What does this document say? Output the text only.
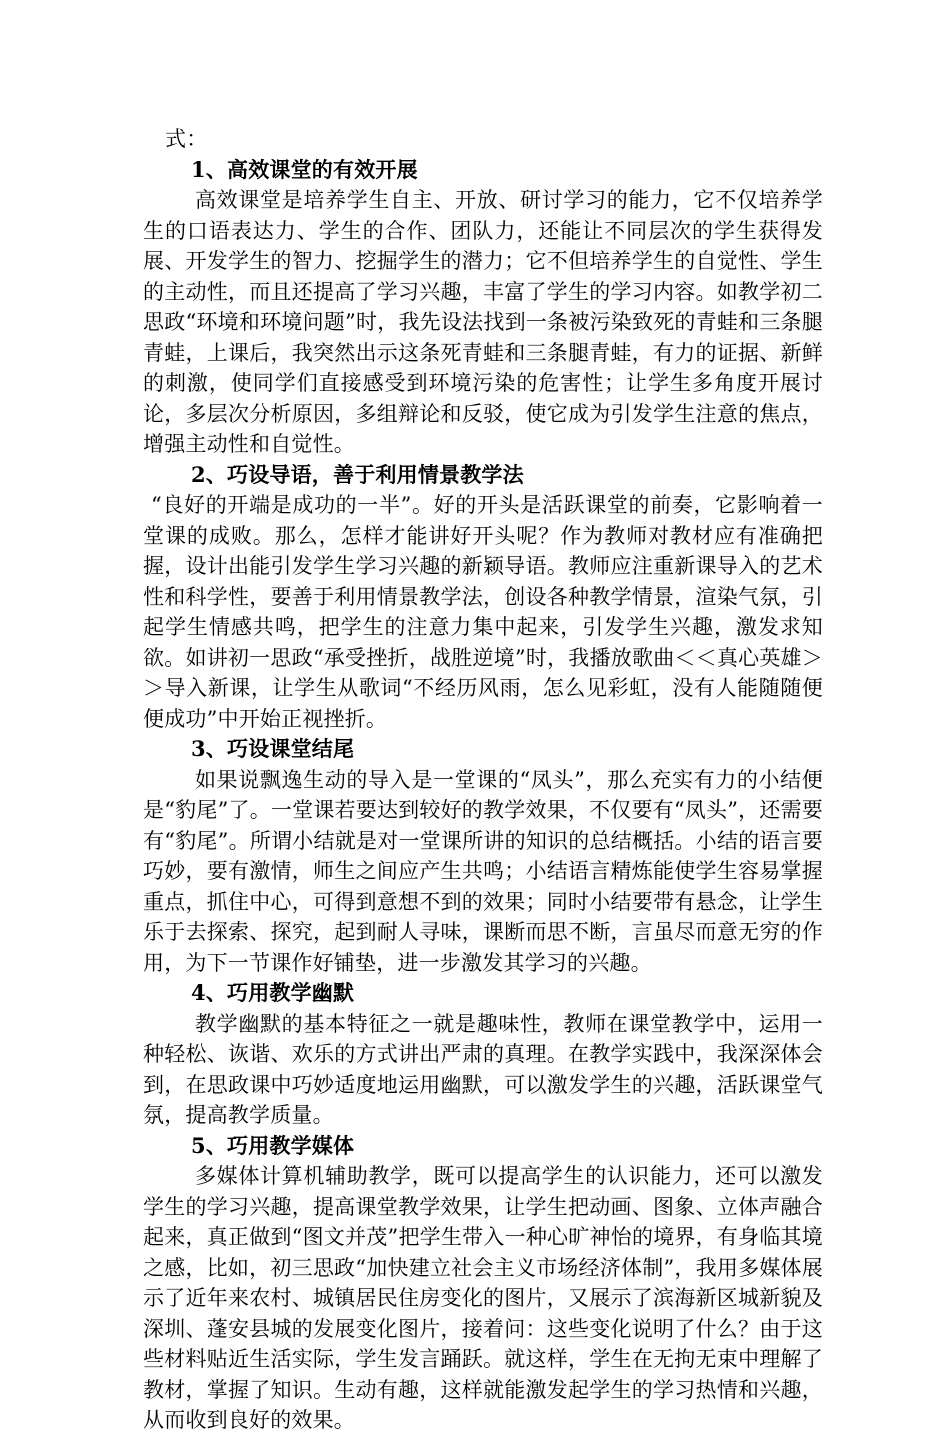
式：

1、高效课堂的有效开展

高效课堂是培养学生自主、开放、研讨学习的能力，它不仅培养学生的口语表达力、学生的合作、团队力，还能让不同层次的学生获得发展、开发学生的智力、挖掘学生的潜力；它不但培养学生的自觉性、学生的主动性，而且还提高了学习兴趣，丰富了学生的学习内容。如教学初二思政“环境和环境问题”时，我先设法找到一条被污染致死的青蛙和三条腿青蛙，上课后，我突然出示这条死青蛙和三条腿青蛙，有力的证据、新鲜的刺激，使同学们直接感受到环境污染的危害性；让学生多角度开展讨论，多层次分析原因，多组辩论和反驳，使它成为引发学生注意的焦点，增强主动性和自觉性。

2、巧设导语，善于利用情景教学法

“良好的开端是成功的一半”。好的开头是活跃课堂的前奏，它影响着一堂课的成败。那么，怎样才能讲好开头呢？作为教师对教材应有准确把握，设计出能引发学生学习兴趣的新颖导语。教师应注重新课导入的艺术性和科学性，要善于利用情景教学法，创设各种教学情景，渲染气氛，引起学生情感共鸣，把学生的注意力集中起来，引发学生兴趣，激发求知欲。如讲初一思政“承受挫折，战胜逆境”时，我播放歌曲＜＜真心英雄＞＞导入新课，让学生从歌词“不经历风雨，怎么见彩虹，没有人能随随便便成功”中开始正视挫折。

3、巧设课堂结尾

如果说飘逸生动的导入是一堂课的“凤头”，那么充实有力的小结便是“豹尾”了。一堂课若要达到较好的教学效果，不仅要有“凤头”，还需要有“豹尾”。所谓小结就是对一堂课所讲的知识的总结概括。小结的语言要巧妙，要有激情，师生之间应产生共鸣；小结语言精炼能使学生容易掌握重点，抓住中心，可得到意想不到的效果；同时小结要带有悬念，让学生乐于去探索、探究，起到耐人寻味，课断而思不断，言虽尽而意无穷的作用，为下一节课作好铺垫，进一步激发其学习的兴趣。

4、巧用教学幽默

教学幽默的基本特征之一就是趣味性，教师在课堂教学中，运用一种轻松、诙谐、欢乐的方式讲出严肃的真理。在教学实践中，我深深体会到，在思政课中巧妙适度地运用幽默，可以激发学生的兴趣，活跃课堂气氛，提高教学质量。

5、巧用教学媒体

多媒体计算机辅助教学，既可以提高学生的认识能力，还可以激发学生的学习兴趣，提高课堂教学效果，让学生把动画、图象、立体声融合起来，真正做到“图文并茂”把学生带入一种心旷神怡的境界，有身临其境之感，比如，初三思政“加快建立社会主义市场经济体制”，我用多媒体展示了近年来农村、城镇居民住房变化的图片，又展示了滨海新区城新貌及深圳、蓬安县城的发展变化图片，接着问：这些变化说明了什么？由于这些材料贴近生活实际，学生发言踊跃。就这样，学生在无拘无束中理解了教材，掌握了知识。生动有趣，这样就能激发起学生的学习热情和兴趣，从而收到良好的效果。
